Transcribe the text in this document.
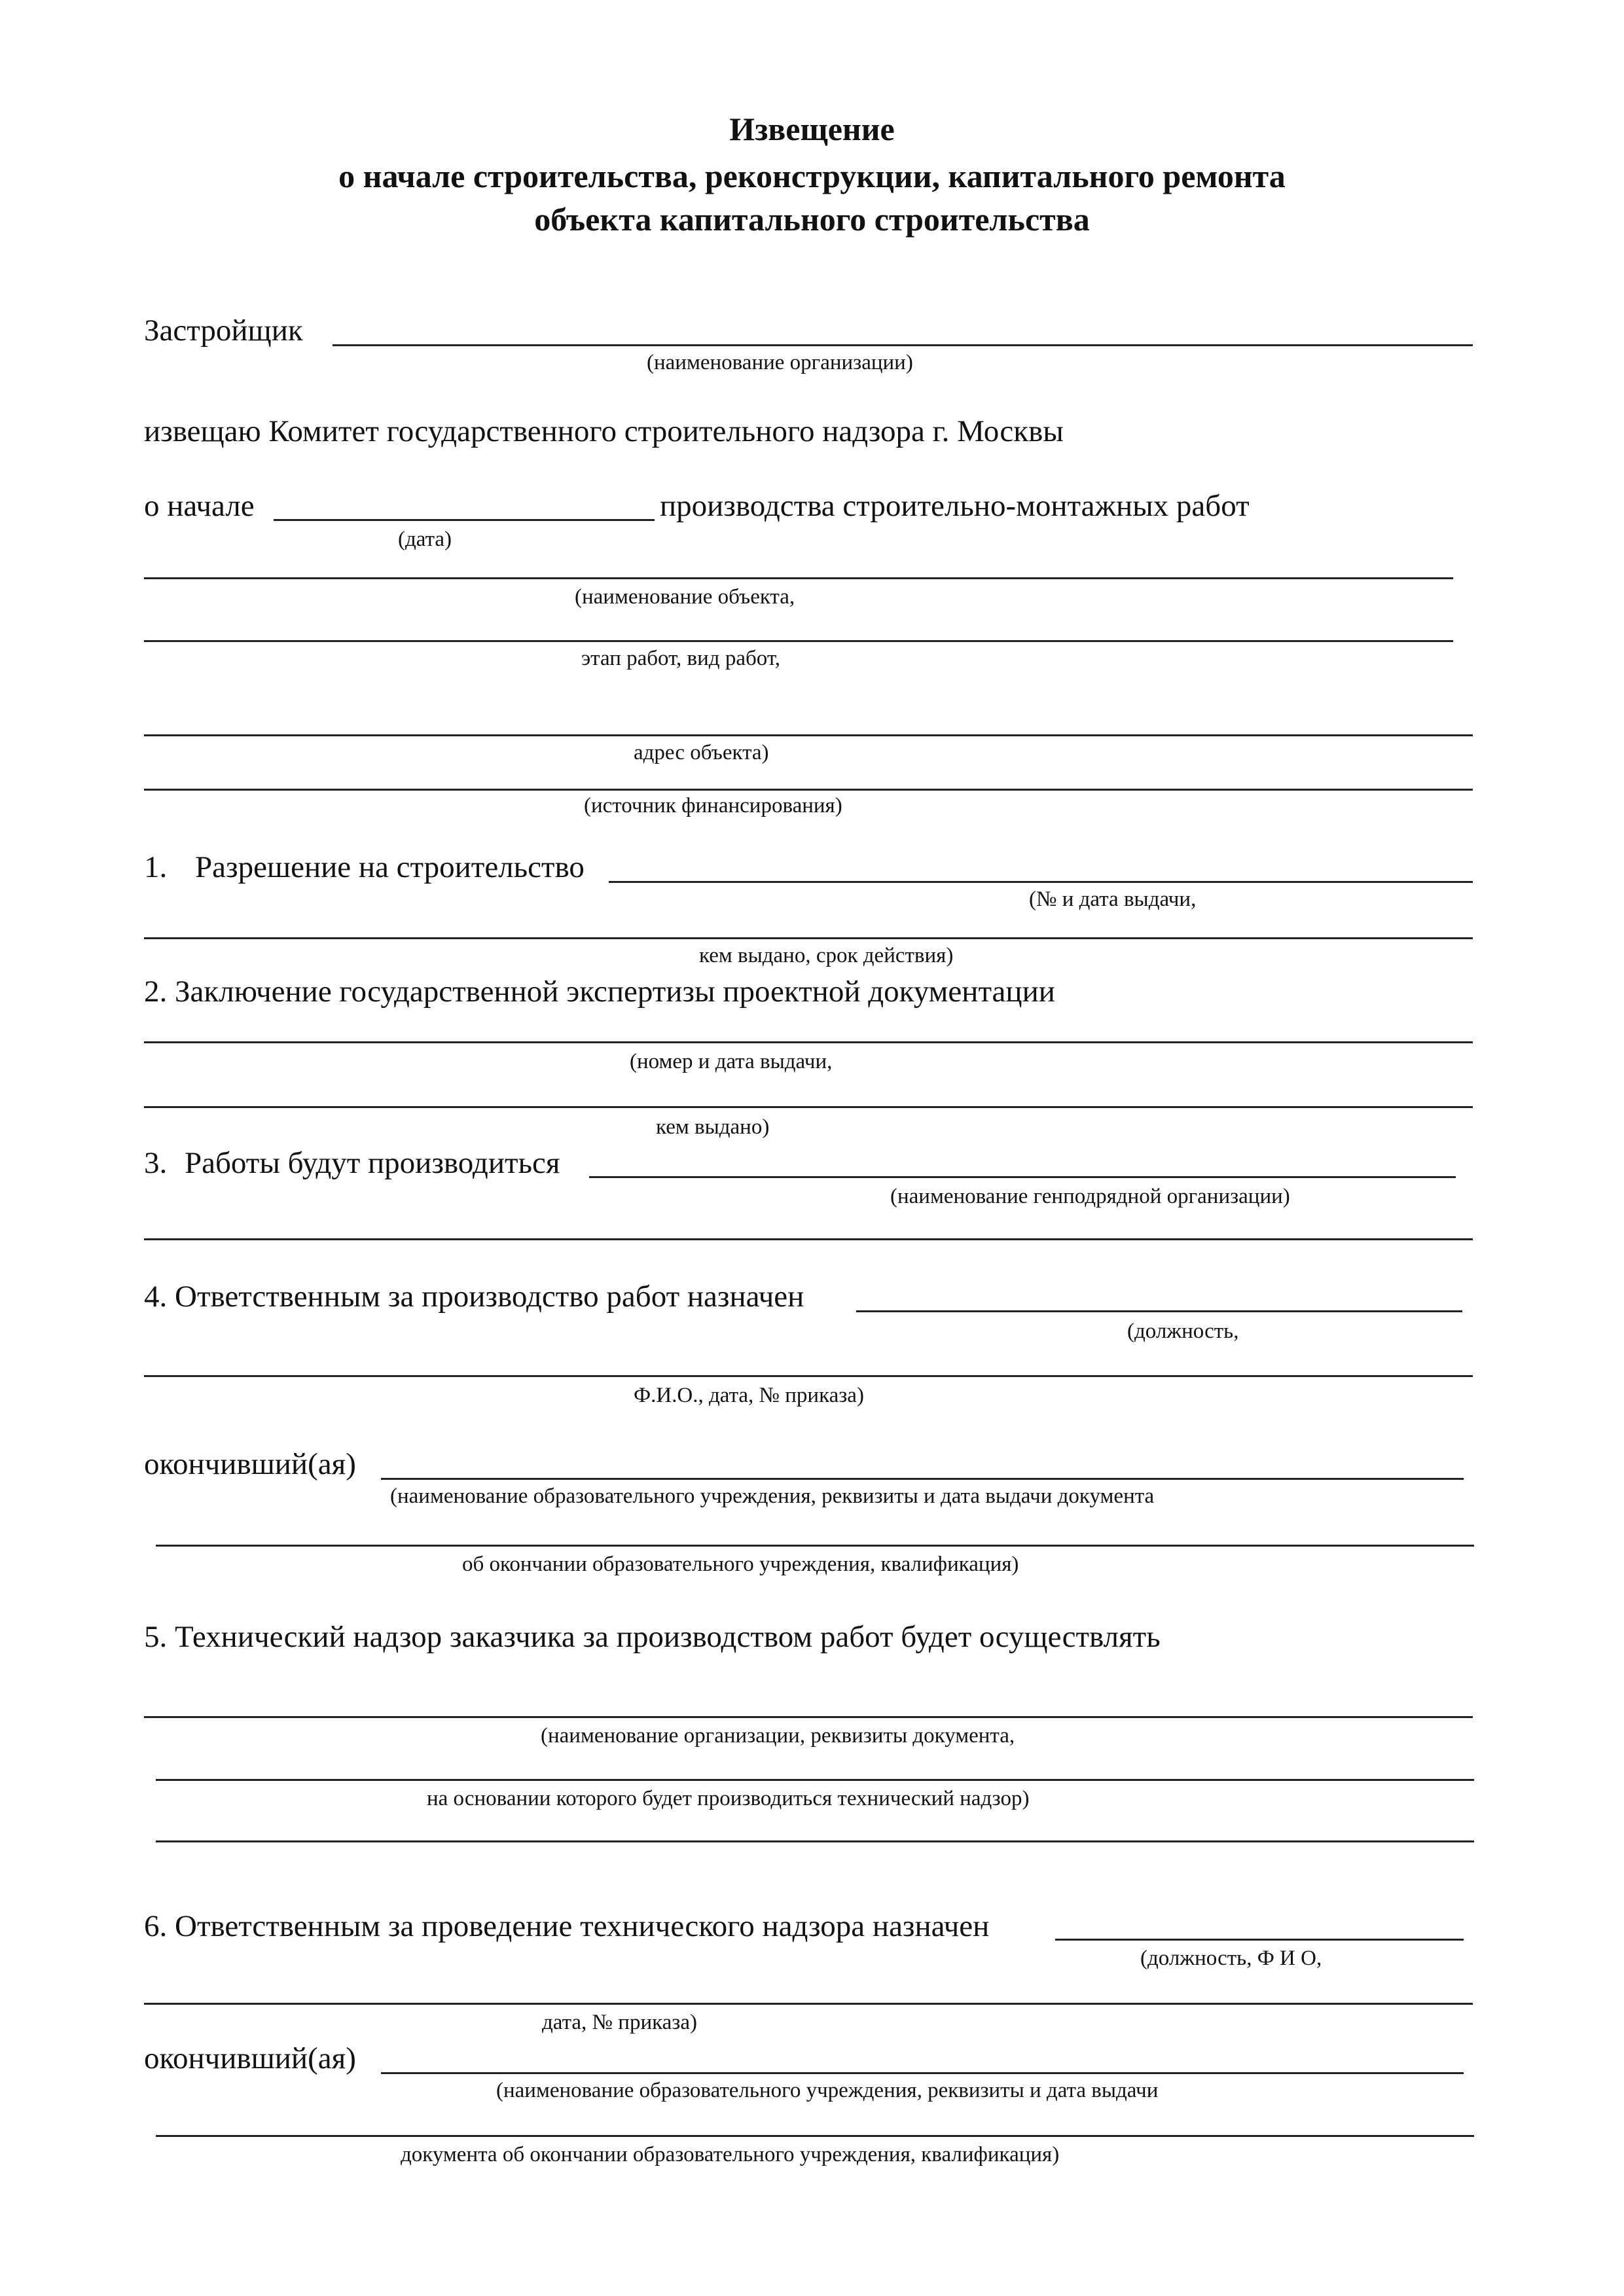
Извещение
о начале строительства, реконструкции, капитального ремонта
объекта капитального строительства
Застройщик
(наименование организации)
извещаю Комитет государственного строительного надзора г. Москвы
о начале	производства строительно-монтажных работ
(дата)
(наименование объекта,
этап работ, вид работ,
адрес объекта)
(источник финансирования)
1. Разрешение на строительство
(№ и дата выдачи,
кем выдано, срок действия)
2. Заключение государственной экспертизы проектной документации
(номер и дата выдачи,
кем выдано)
3. Работы будут производиться
(наименование генподрядной организации)
4. Ответственным за производство работ назначен
(должность,
Ф.И.О., дата, № приказа)
окончивший(ая)
(наименование образовательного учреждения, реквизиты и дата выдачи документа
об окончании образовательного учреждения, квалификация)
5. Технический надзор заказчика за производством работ будет осуществлять
(наименование организации, реквизиты документа,
на основании которого будет производиться технический надзор)
6. Ответственным за проведение технического надзора назначен
(должность, Ф И О,
дата, № приказа)
окончивший(ая)
(наименование образовательного учреждения, реквизиты и дата выдачи
документа об окончании образовательного учреждения, квалификация)
